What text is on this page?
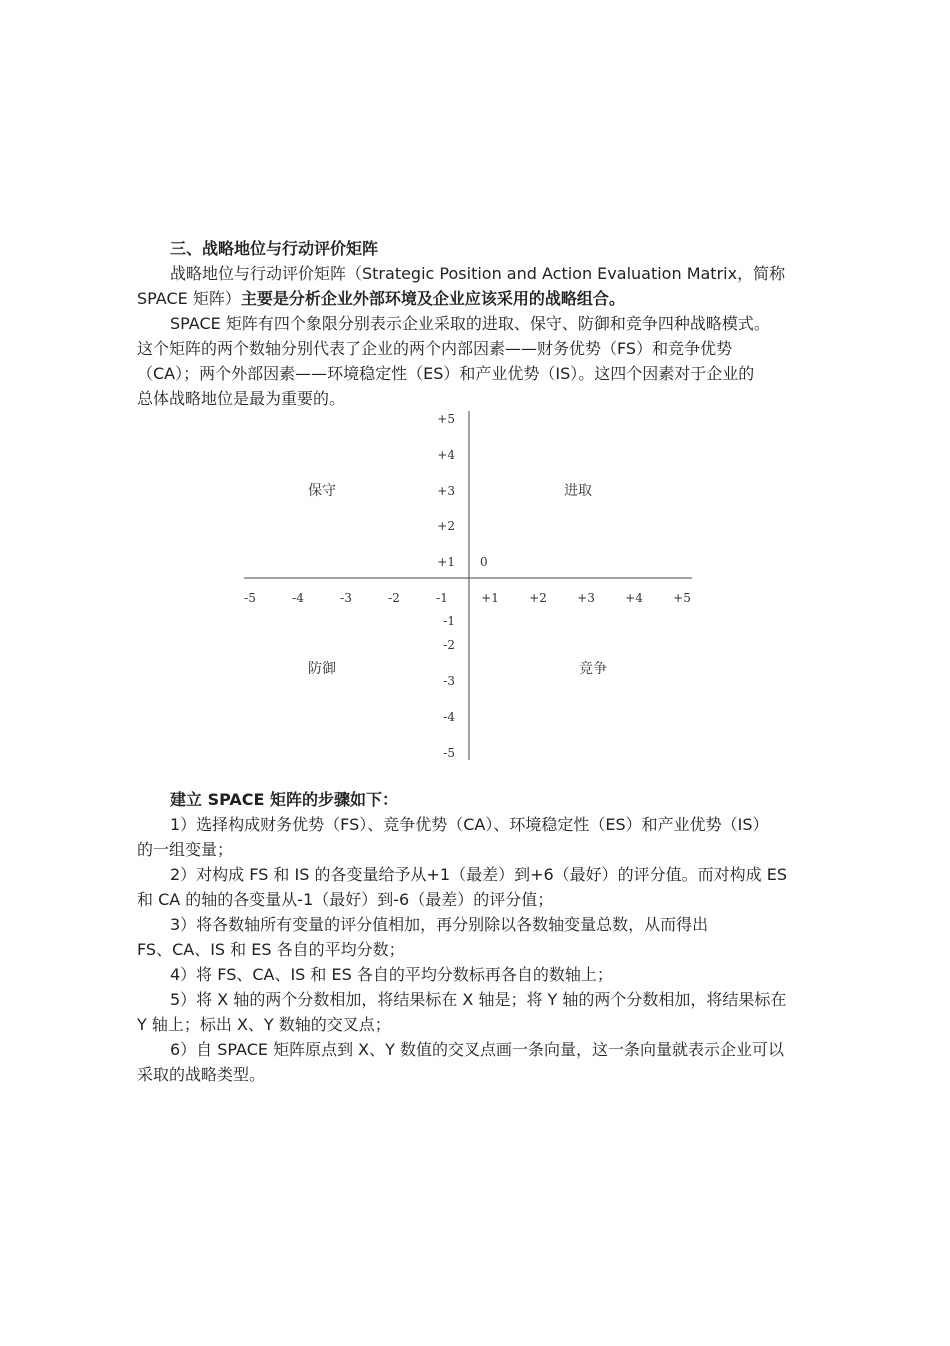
三、战略地位与行动评价矩阵

战略地位与行动评价矩阵（Strategic Position and Action Evaluation Matrix，简称

SPACE 矩阵）主要是分析企业外部环境及企业应该采用的战略组合。

SPACE 矩阵有四个象限分别表示企业采取的进取、保守、防御和竞争四种战略模式。

这个矩阵的两个数轴分别代表了企业的两个内部因素——财务优势（FS）和竞争优势

（CA）；两个外部因素——环境稳定性（ES）和产业优势（IS）。这四个因素对于企业的

总体战略地位是最为重要的。

-5	-4	-3	-2	-1	+1	+2	+3	+4	+5
+5
+4
+3
+2
+1
-1
-2
-3
-4
-5
0
保守	进取
防御	竞争

建立 SPACE 矩阵的步骤如下：

1）选择构成财务优势（FS）、竞争优势（CA）、环境稳定性（ES）和产业优势（IS）

的一组变量；

2）对构成 FS 和 IS 的各变量给予从+1（最差）到+6（最好）的评分值。而对构成 ES

和 CA 的轴的各变量从-1（最好）到-6（最差）的评分值；

3）将各数轴所有变量的评分值相加，再分别除以各数轴变量总数，从而得出

FS、CA、IS 和 ES 各自的平均分数；

4）将 FS、CA、IS 和 ES 各自的平均分数标再各自的数轴上；

5）将 X 轴的两个分数相加，将结果标在 X 轴是；将 Y 轴的两个分数相加，将结果标在

Y 轴上；标出 X、Y 数轴的交叉点；

6）自 SPACE 矩阵原点到 X、Y 数值的交叉点画一条向量，这一条向量就表示企业可以

采取的战略类型。
